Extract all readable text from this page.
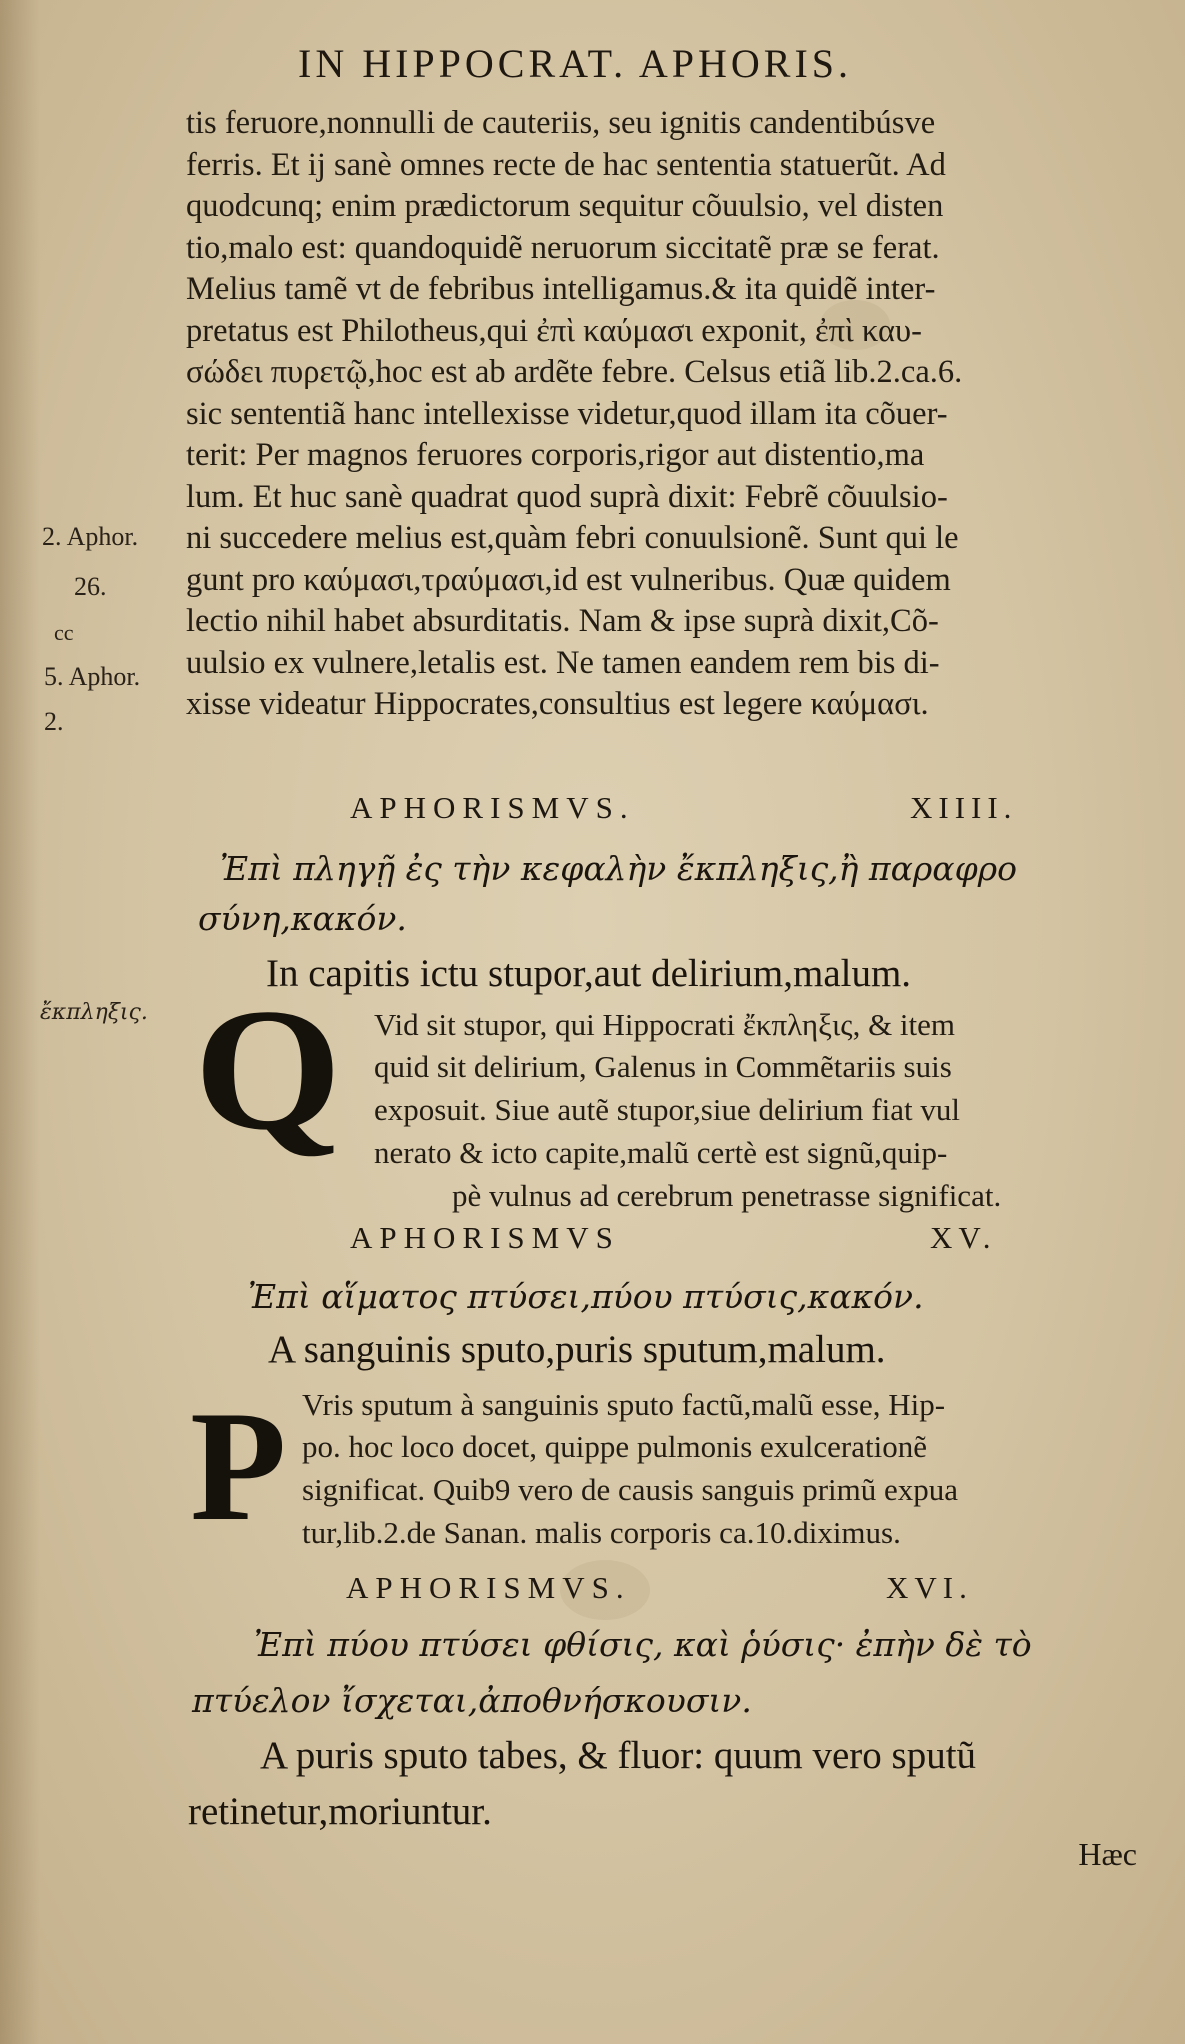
IN HIPPOCRAT. APHORIS.
tis feruore,nonnulli de cauteriis, seu ignitis candentibúsve
ferris. Et ij sanè omnes recte de hac sententia statuerũt. Ad
quodcunq; enim prædictorum sequitur cõuulsio, vel disten
tio,malo est: quandoquidẽ neruorum siccitatẽ præ se ferat.
Melius tamẽ vt de febribus intelligamus.& ita quidẽ inter-
pretatus est Philotheus,qui ἐπὶ καύμασι exponit, ἐπὶ καυ-
σώδει πυρετῷ,hoc est ab ardẽte febre. Celsus etiã lib.2.ca.6.
sic sententiã hanc intellexisse videtur,quod illam ita cõuer-
terit: Per magnos feruores corporis,rigor aut distentio,ma
lum. Et huc sanè quadrat quod suprà dixit: Febrẽ cõuulsio-
ni succedere melius est,quàm febri conuulsionẽ. Sunt qui le
gunt pro καύμασι,τραύμασι,id est vulneribus. Quæ quidem
lectio nihil habet absurditatis. Nam & ipse suprà dixit,Cõ-
uulsio ex vulnere,letalis est. Ne tamen eandem rem bis di-
xisse videatur Hippocrates,consultius est legere καύμασι.
2. Aphor.
26.
cc
5. Aphor.
2.
ἔκπληξις.
APHORISMVS.	XIIII.
Ἐπὶ πληγῇ ἐς τὴν κεφαλὴν ἔκπληξις,ἢ παραφρο
σύνη,κακόν.
In capitis ictu stupor,aut delirium,malum.
Q Vid sit stupor, qui Hippocrati ἔκπληξις, & item
quid sit delirium, Galenus in Commẽtariis suis
exposuit. Siue autẽ stupor,siue delirium fiat vul
nerato & icto capite,malũ certè est signũ,quip-
pè vulnus ad cerebrum penetrasse significat.
APHORISMVS	XV.
Ἐπὶ αἵματος πτύσει,πύου πτύσις,κακόν.
A sanguinis sputo,puris sputum,malum.
P Vris sputum à sanguinis sputo factũ,malũ esse, Hip-
po. hoc loco docet, quippe pulmonis exulcerationẽ
significat. Quib9 vero de causis sanguis primũ expua
tur,lib.2.de Sanan. malis corporis ca.10.diximus.
APHORISMVS.	XVI.
Ἐπὶ πύου πτύσει φθίσις, καὶ ῥύσις· ἐπὴν δὲ τὸ
πτύελον ἴσχεται,ἀποθνήσκουσιν.
A puris sputo tabes, & fluor: quum vero sputũ
retinetur,moriuntur.
Hæc
